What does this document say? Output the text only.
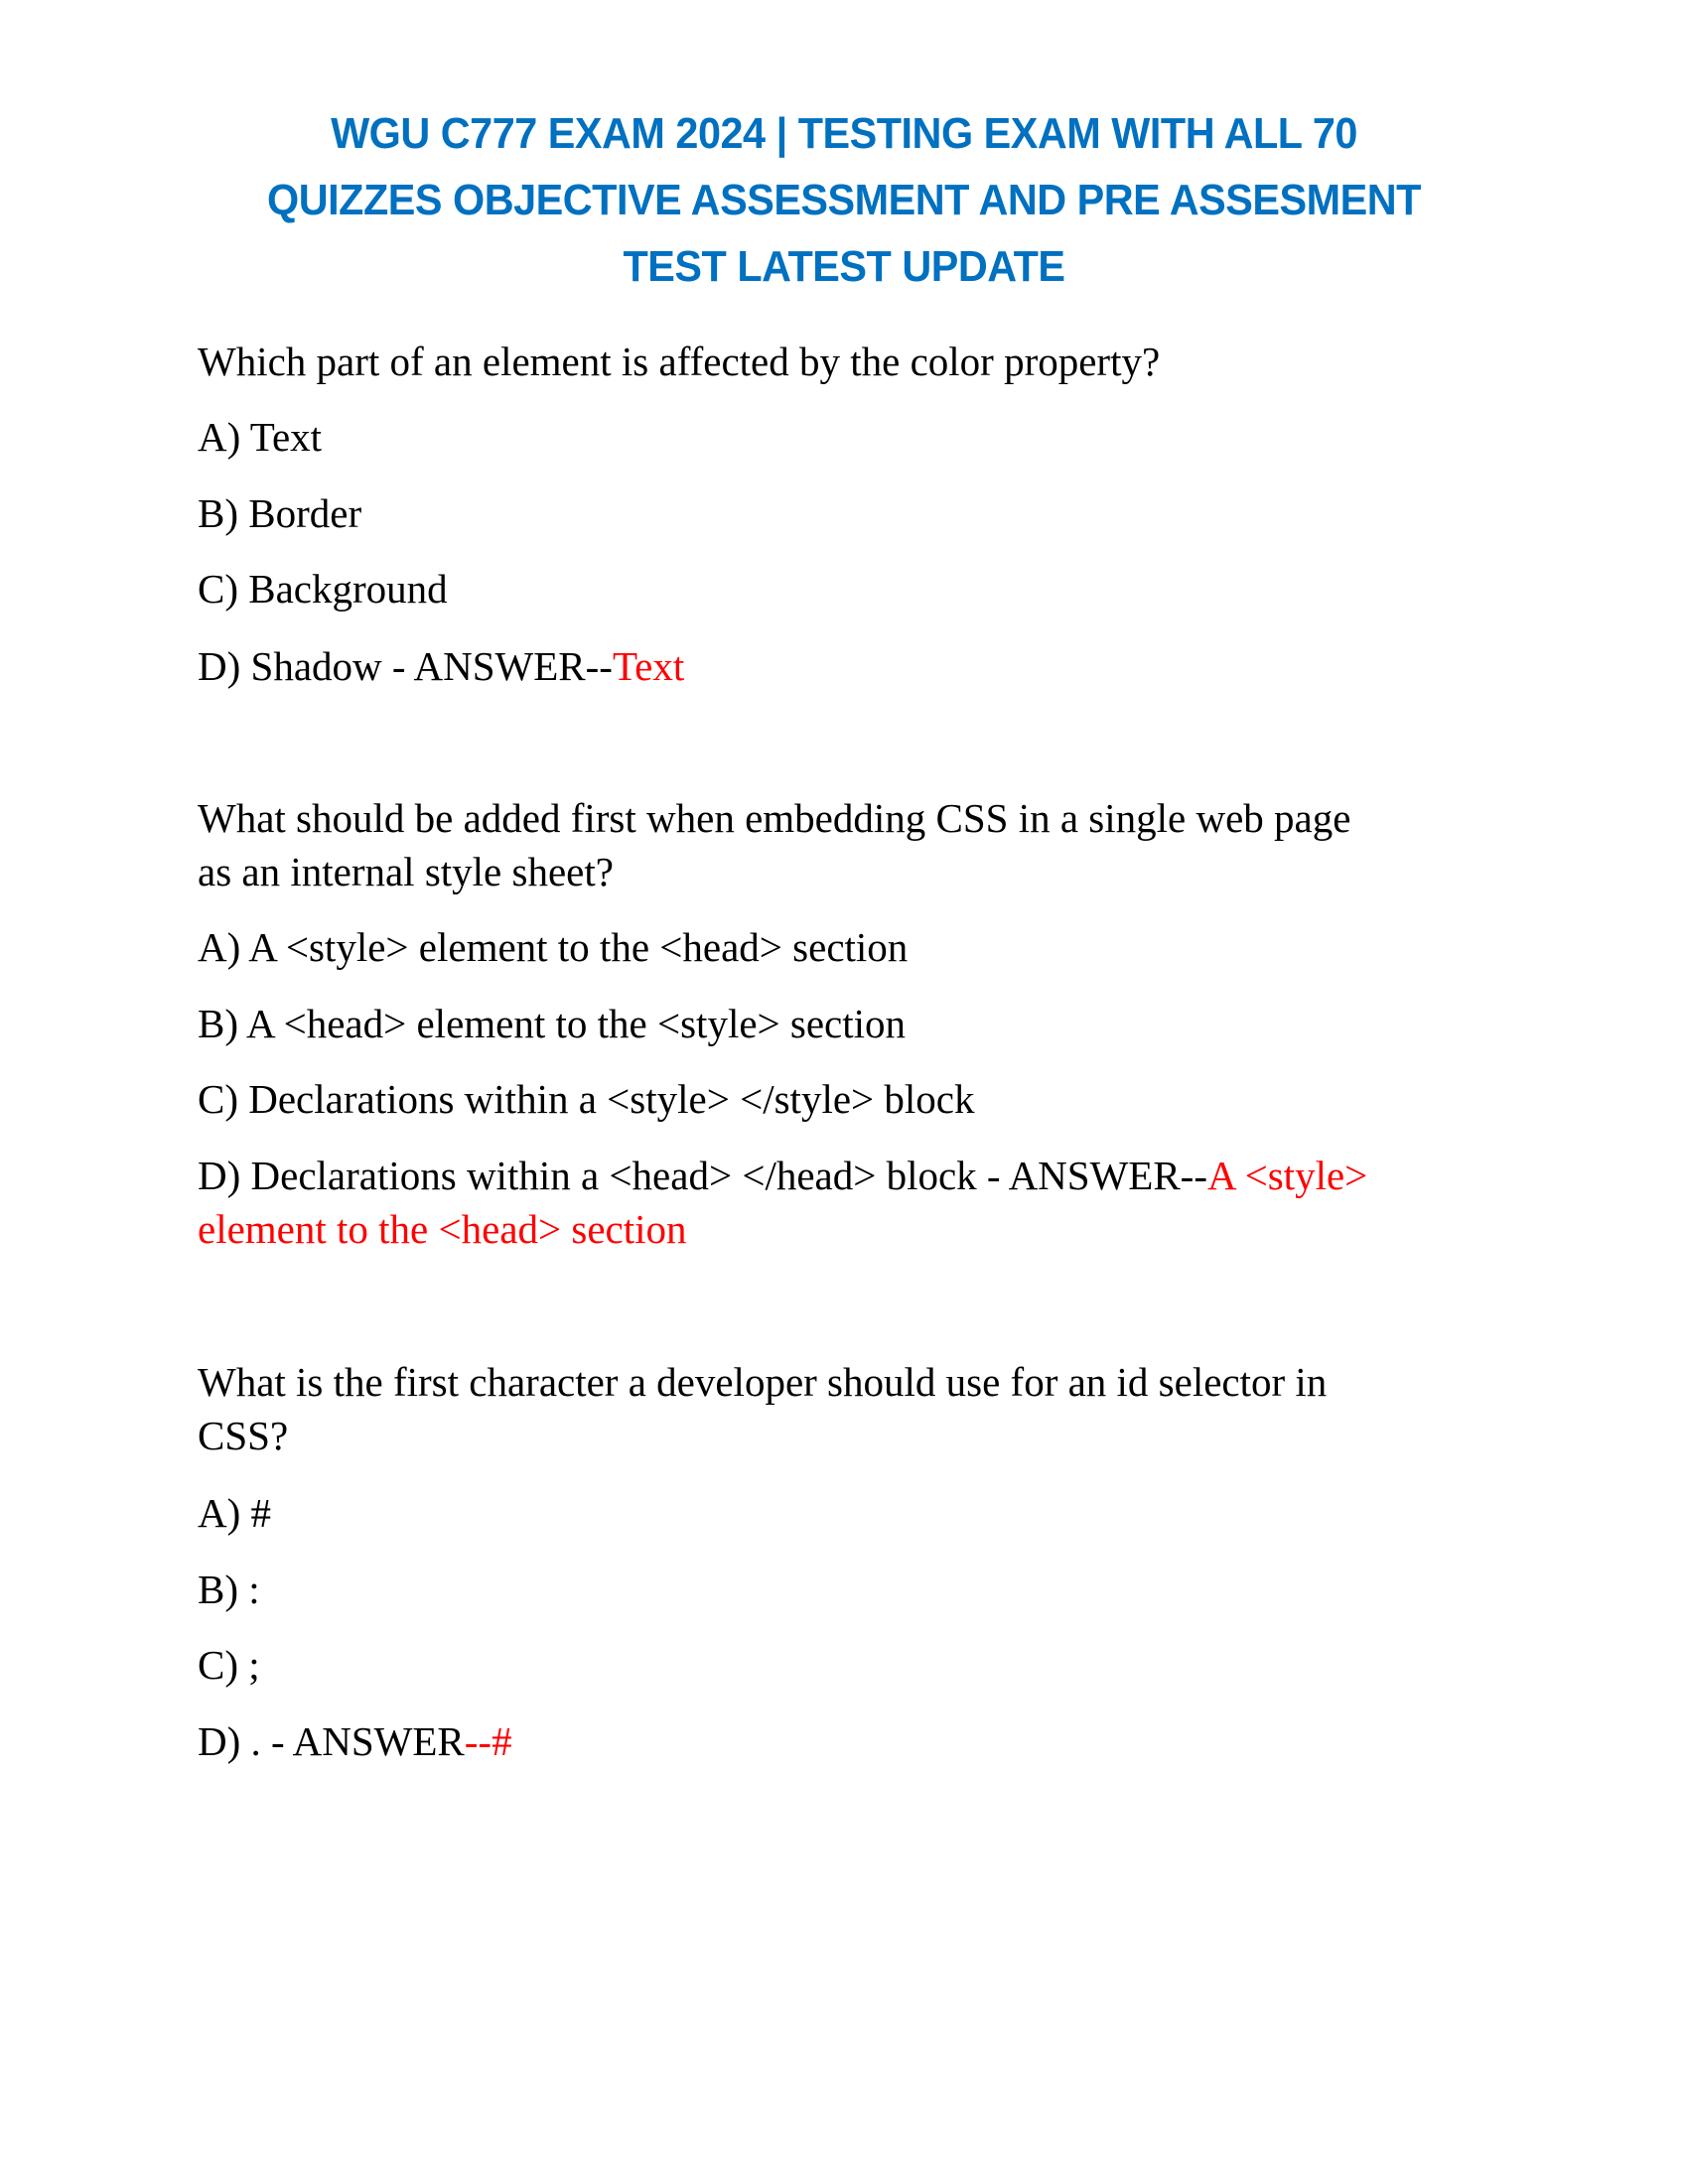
WGU C777 EXAM 2024 | TESTING EXAM WITH ALL 70
QUIZZES OBJECTIVE ASSESSMENT AND PRE ASSESMENT
TEST LATEST UPDATE
Which part of an element is affected by the color property?
A) Text
B) Border
C) Background
D) Shadow - ANSWER--Text
What should be added first when embedding CSS in a single web page
as an internal style sheet?
A) A <style> element to the <head> section
B) A <head> element to the <style> section
C) Declarations within a <style> </style> block
D) Declarations within a <head> </head> block - ANSWER--A <style>
element to the <head> section
What is the first character a developer should use for an id selector in
CSS?
A) #
B) :
C) ;
D) . - ANSWER--#
